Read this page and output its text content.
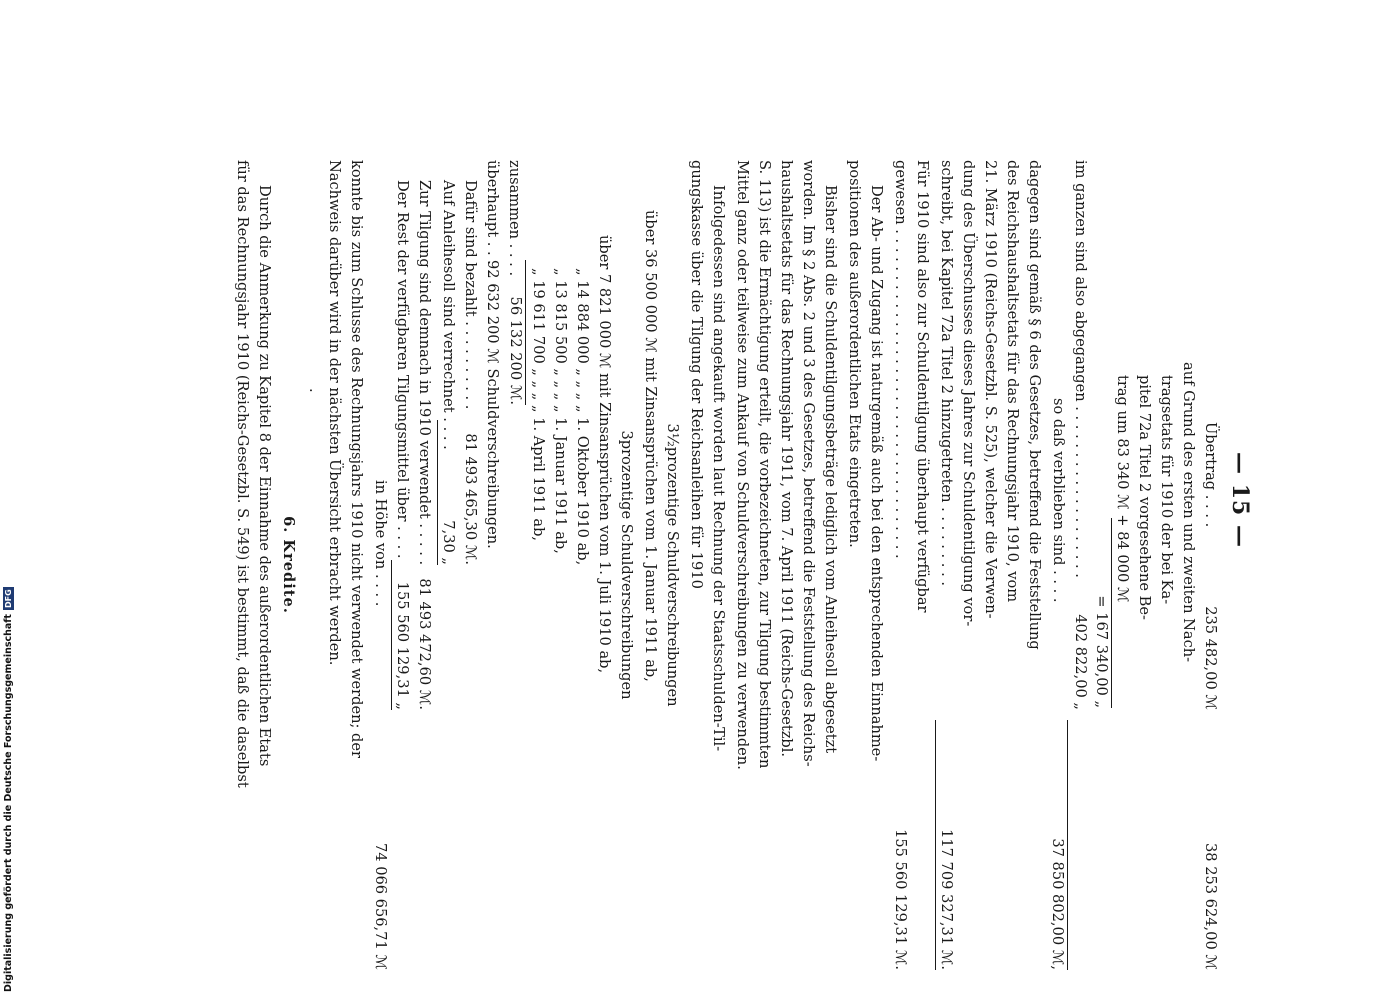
— 15 —
Übertrag . . . .
235 482,00 ℳ
38 253 624,00 ℳ
auf Grund des ersten und zweiten Nach-
tragsetats für 1910 der bei Ka-
pitel 72a Titel 2 vorgesehene Be-
trag um 83 340 ℳ + 84 000 ℳ
= 167 340,00 „
im ganzen sind also abgegangen . . . . . . . . . . . . . . . . . . .
402 822,00 „
so daß verblieben sind . . . .
37 850 802,00 ℳ,
dagegen sind gemäß § 6 des Gesetzes, betreffend die Feststellung
des Reichshaushaltsetats für das Rechnungsjahr 1910, vom
21. März 1910 (Reichs-Gesetzbl. S. 525), welcher die Verwen-
dung des Überschusses dieses Jahres zur Schuldentilgung vor-
schreibt, bei Kapitel 72a Titel 2 hinzugetreten . . . . . . . . .
117 709 327,31 ℳ.
Für 1910 sind also zur Schuldentilgung überhaupt verfügbar
gewesen . . . . . . . . . . . . . . . . . . . . . . . . . . . . . . . . . . . .
155 560 129,31 ℳ.
Der Ab- und Zugang ist naturgemäß auch bei den entsprechenden Einnahme-
positionen des außerordentlichen Etats eingetreten.
Bisher sind die Schuldentilgungsbeträge lediglich vom Anleihesoll abgesetzt
worden. Im § 2 Abs. 2 und 3 des Gesetzes, betreffend die Feststellung des Reichs-
haushaltsetats für das Rechnungsjahr 1911, vom 7. April 1911 (Reichs-Gesetzbl.
S. 113) ist die Ermächtigung erteilt, die vorbezeichneten, zur Tilgung bestimmten
Mittel ganz oder teilweise zum Ankauf von Schuldverschreibungen zu verwenden.
Infolgedessen sind angekauft worden laut Rechnung der Staatsschulden-Til-
gungskasse über die Tilgung der Reichsanleihen für 1910
3½prozentige Schuldverschreibungen
über 36 500 000 ℳ mit Zinsansprüchen vom 1. Januar 1911 ab,
3prozentige Schuldverschreibungen
über 7 821 000 ℳ mit Zinsansprüchen vom 1. Juli 1910 ab,
„ 14 884 000 „ „ „ „ 1. Oktober 1910 ab,
„ 13 815 500 „ „ „ „ 1. Januar 1911 ab,
„ 19 611 700 „ „ „ „ 1. April 1911 ab,
zusammen . . . .
56 132 200 ℳ.
überhaupt . . . .
92 632 200 ℳ Schuldverschreibungen.
Dafür sind bezahlt . . . . . . . . . .
81 493 465,30 ℳ.
Auf Anleihesoll sind verrechnet . . . .
7,30 „
Zur Tilgung sind demnach in 1910 verwendet . . . . .
81 493 472,60 ℳ.
Der Rest der verfügbaren Tilgungsmittel über . . . .
155 560 129,31 „
in Höhe von . . . .
74 066 656,71 ℳ
konnte bis zum Schlusse des Rechnungsjahrs 1910 nicht verwendet werden; der
Nachweis darüber wird in der nächsten Übersicht erbracht werden.
·
6. Kredite.
Durch die Anmerkung zu Kapitel 8 der Einnahme des außerordentlichen Etats
für das Rechnungsjahr 1910 (Reichs-Gesetzbl. S. 549) ist bestimmt, daß die daselbst
Digitalisierung gefördert durch die Deutsche ForschungsgemeinschaftDFG
